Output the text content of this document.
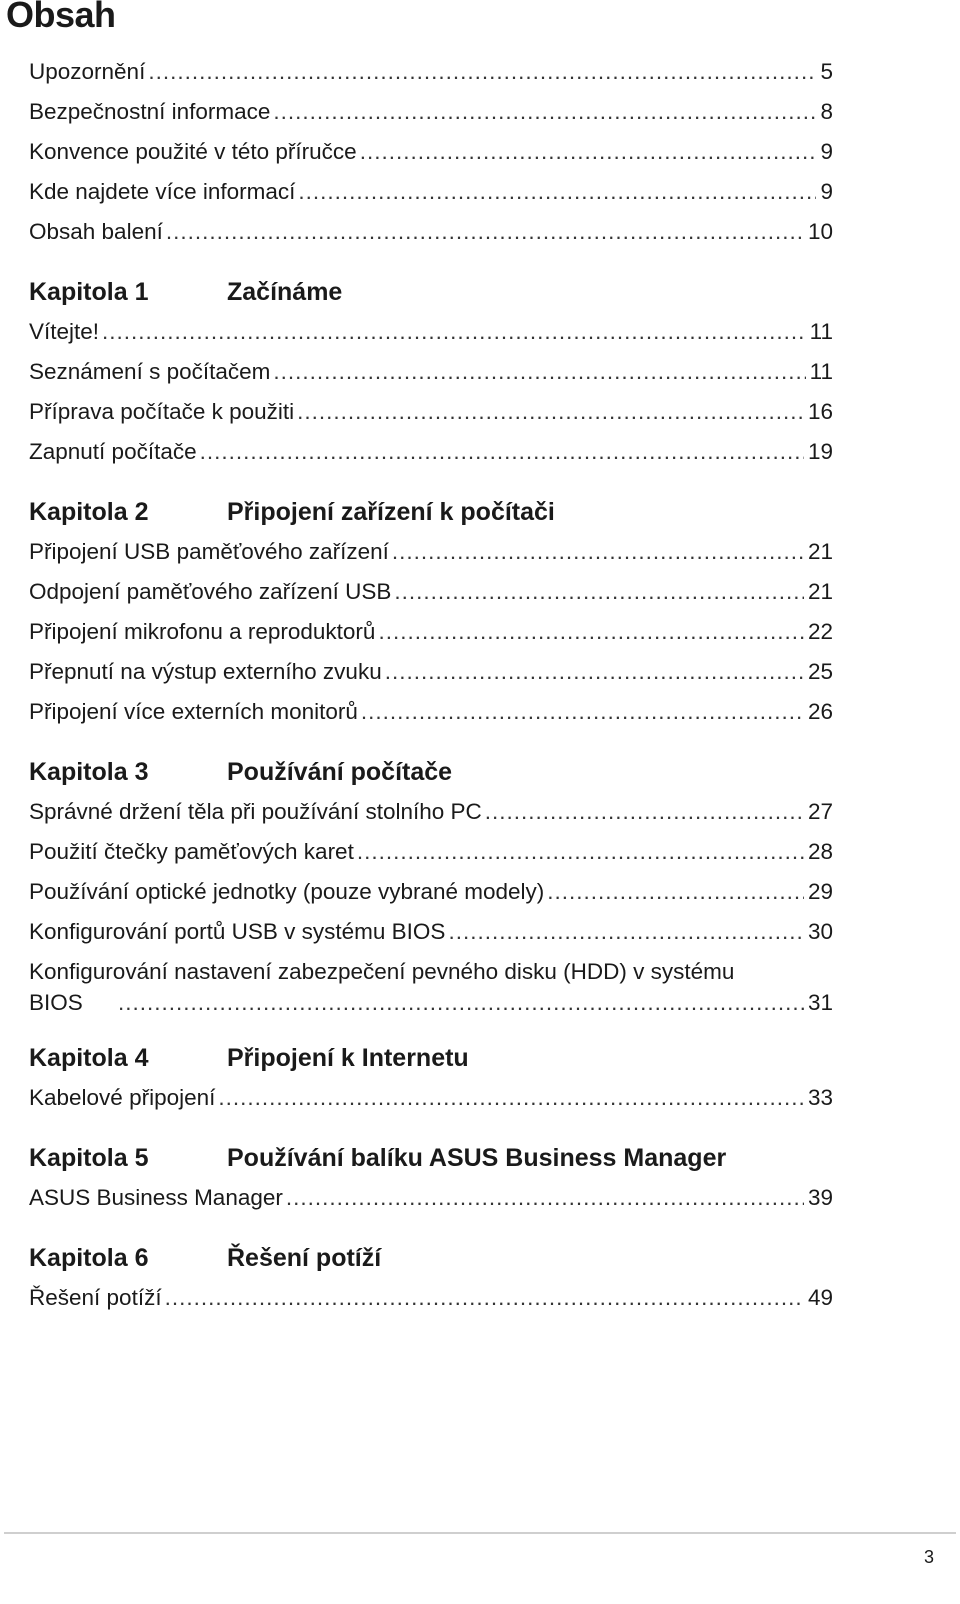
Obsah
Upozornění .....	5
Bezpečnostní informace .....	8
Konvence použité v této příručce .....	9
Kde najdete více informací .....	9
Obsah balení .....	10
Kapitola 1	Začínáme
Vítejte! .....	11
Seznámení s počítačem .....	11
Příprava počítače k použiti .....	16
Zapnutí počítače .....	19
Kapitola 2	Připojení zařízení k počítači
Připojení USB paměťového zařízení .....	21
Odpojení paměťového zařízení USB .....	21
Připojení mikrofonu a reproduktorů .....	22
Přepnutí na výstup externího zvuku .....	25
Připojení více externích monitorů .....	26
Kapitola 3	Používání počítače
Správné držení těla při používání stolního PC .....	27
Použití čtečky paměťových karet .....	28
Používání optické jednotky (pouze vybrané modely) .....	29
Konfigurování portů USB v systému BIOS .....	30
Konfigurování nastavení zabezpečení pevného disku (HDD) v systému
BIOS .....	31
Kapitola 4	Připojení k Internetu
Kabelové připojení .....	33
Kapitola 5	Používání balíku ASUS Business Manager
ASUS Business Manager .....	39
Kapitola 6	Řešení potíží
Řešení potíží .....	49
3
